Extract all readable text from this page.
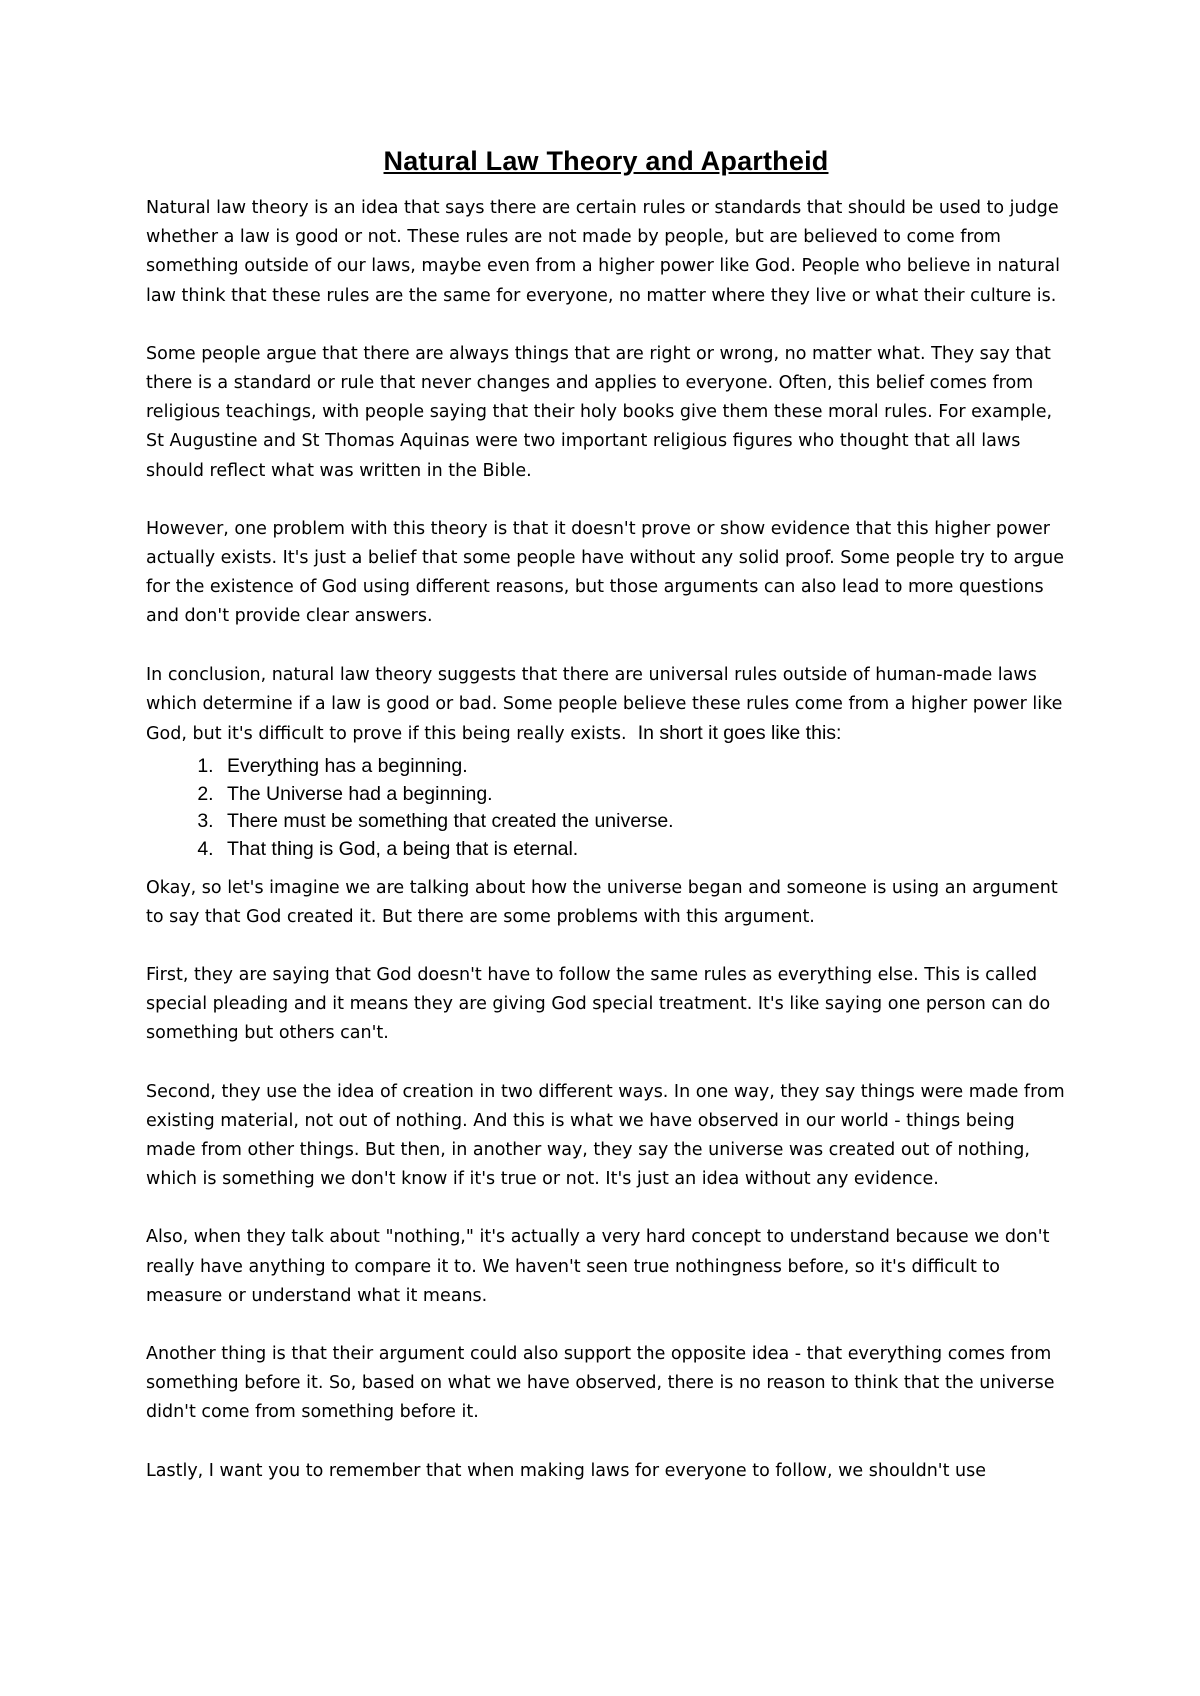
Natural Law Theory and Apartheid

Natural law theory is an idea that says there are certain rules or standards that should be used to judge whether a law is good or not. These rules are not made by people, but are believed to come from something outside of our laws, maybe even from a higher power like God. People who believe in natural law think that these rules are the same for everyone, no matter where they live or what their culture is.

Some people argue that there are always things that are right or wrong, no matter what. They say that there is a standard or rule that never changes and applies to everyone. Often, this belief comes from religious teachings, with people saying that their holy books give them these moral rules. For example, St Augustine and St Thomas Aquinas were two important religious figures who thought that all laws should reflect what was written in the Bible.

However, one problem with this theory is that it doesn't prove or show evidence that this higher power actually exists. It's just a belief that some people have without any solid proof. Some people try to argue for the existence of God using different reasons, but those arguments can also lead to more questions and don't provide clear answers.

In conclusion, natural law theory suggests that there are universal rules outside of human-made laws which determine if a law is good or bad. Some people believe these rules come from a higher power like God, but it's difficult to prove if this being really exists. In short it goes like this:

1. Everything has a beginning.
2. The Universe had a beginning.
3. There must be something that created the universe.
4. That thing is God, a being that is eternal.

Okay, so let's imagine we are talking about how the universe began and someone is using an argument to say that God created it. But there are some problems with this argument.

First, they are saying that God doesn't have to follow the same rules as everything else. This is called special pleading and it means they are giving God special treatment. It's like saying one person can do something but others can't.

Second, they use the idea of creation in two different ways. In one way, they say things were made from existing material, not out of nothing. And this is what we have observed in our world - things being made from other things. But then, in another way, they say the universe was created out of nothing, which is something we don't know if it's true or not. It's just an idea without any evidence.

Also, when they talk about "nothing," it's actually a very hard concept to understand because we don't really have anything to compare it to. We haven't seen true nothingness before, so it's difficult to measure or understand what it means.

Another thing is that their argument could also support the opposite idea - that everything comes from something before it. So, based on what we have observed, there is no reason to think that the universe didn't come from something before it.

Lastly, I want you to remember that when making laws for everyone to follow, we shouldn't use
